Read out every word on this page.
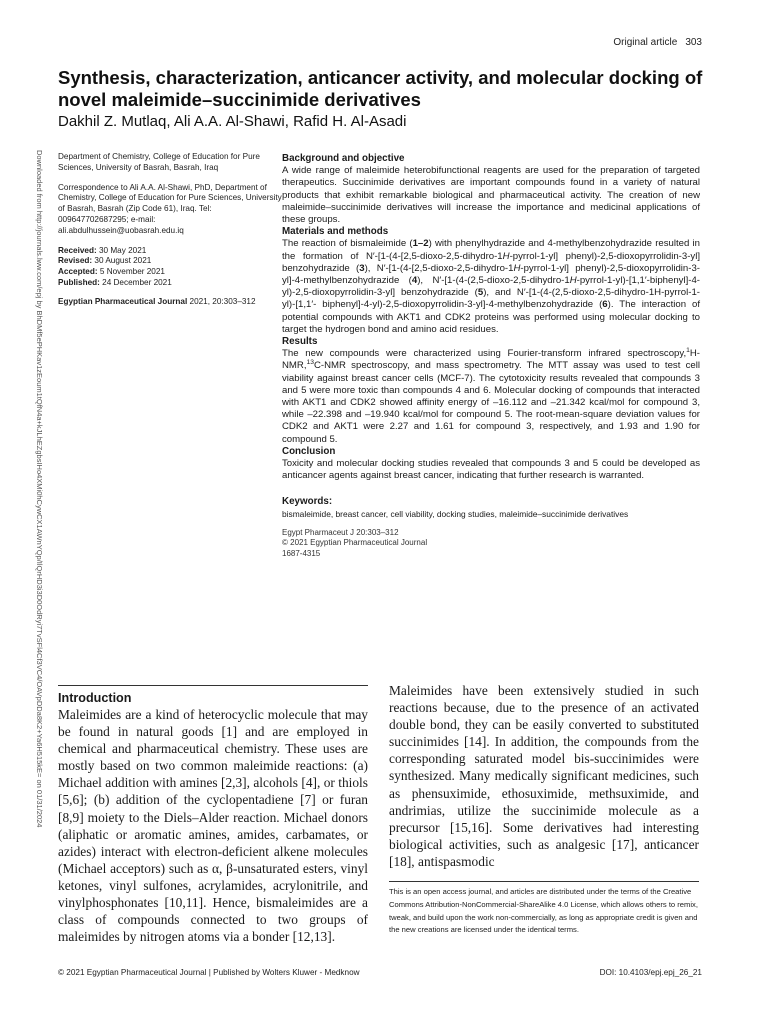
Original article 303
Synthesis, characterization, anticancer activity, and molecular docking of novel maleimide–succinimide derivatives
Dakhil Z. Mutlaq, Ali A.A. Al-Shawi, Rafid H. Al-Asadi
Downloaded from http://journals.lww.com/epj by BhDMf5ePHKav1zEoum1tQfN4a+kJLhEZgbsIHo4XMi0hCywCX1AWnYQp/IlQrHD3i3D0OdRyi7TvSFl4Cf3VC4/OAVpDDa8K2+Ya6H515kE= on 01/31/2024 Department of Chemistry, College of Education for Pure Sciences, University of Basrah, Basrah, Iraq

Correspondence to Ali A.A. Al-Shawi, PhD, Department of Chemistry, College of Education for Pure Sciences, University of Basrah, Basrah (Zip Code 61), Iraq. Tel: 009647702687295; e-mail: ali.abdulhussein@uobasrah.edu.iq

Received: 30 May 2021
Revised: 30 August 2021
Accepted: 5 November 2021
Published: 24 December 2021

Egyptian Pharmaceutical Journal 2021, 20:303–312

Background and objective

A wide range of maleimide heterobifunctional reagents are used for the preparation of targeted therapeutics. Succinimide derivatives are important compounds found in a variety of natural products that exhibit remarkable biological and pharmaceutical activity. The creation of new maleimide–succinimide derivatives will increase the importance and medicinal applications of these groups.

Materials and methods

The reaction of bismaleimide (1–2) with phenylhydrazide and 4-methylbenzohydrazide resulted in the formation of N′-[1-(4-[2,5-dioxo-2,5-dihydro-1H-pyrrol-1-yl] phenyl)-2,5-dioxopyrrolidin-3-yl] benzohydrazide (3), N′-[1-(4-[2,5-dioxo-2,5-dihydro-1H-pyrrol-1-yl] phenyl)-2,5-dioxopyrrolidin-3-yl]-4-methylbenzohydrazide (4), N′-[1-(4-(2,5-dioxo-2,5-dihydro-1H-pyrrol-1-yl)-[1,1′-biphenyl]-4-yl)-2,5-dioxopyrrolidin-3-yl] benzohydrazide (5), and N′-[1-(4-(2,5-dioxo-2,5-dihydro-1H-pyrrol-1-yl)-[1,1′- biphenyl]-4-yl)-2,5-dioxopyrrolidin-3-yl]-4-methylbenzohydrazide (6). The interaction of potential compounds with AKT1 and CDK2 proteins was performed using molecular docking to target the hydrogen bond and amino acid residues.

Results

The new compounds were characterized using Fourier-transform infrared spectroscopy,$^1$H-NMR,$^{13}$C-NMR spectroscopy, and mass spectrometry. The MTT assay was used to test cell viability against breast cancer cells (MCF-7). The cytotoxicity results revealed that compounds 3 and 5 were more toxic than compounds 4 and 6. Molecular docking of compounds that interacted with AKT1 and CDK2 showed affinity energy of –16.112 and –21.342 kcal/mol for compound 3, while –22.398 and –19.940 kcal/mol for compound 5. The root-mean-square deviation values for CDK2 and AKT1 were 2.27 and 1.61 for compound 3, respectively, and 1.93 and 1.90 for compound 5.

Conclusion

Toxicity and molecular docking studies revealed that compounds 3 and 5 could be developed as anticancer agents against breast cancer, indicating that further research is warranted.

Keywords:

bismaleimide, breast cancer, cell viability, docking studies, maleimide–succinimide derivatives

Egypt Pharmaceut J 20:303–312
© 2021 Egyptian Pharmaceutical Journal
1687-4315
Introduction

Maleimides are a kind of heterocyclic molecule that may be found in natural goods [1] and are employed in chemical and pharmaceutical chemistry. These uses are mostly based on two common maleimide reactions: (a) Michael addition with amines [2,3], alcohols [4], or thiols [5,6]; (b) addition of the cyclopentadiene [7] or furan [8,9] moiety to the Diels–Alder reaction. Michael donors (aliphatic or aromatic amines, amides, carbamates, or azides) interact with electron-deficient alkene molecules (Michael acceptors) such as α, β-unsaturated esters, vinyl ketones, vinyl sulfones, acrylamides, acrylonitrile, and vinylphosphonates [10,11]. Hence, bismaleimides are a class of compounds connected to two groups of maleimides by nitrogen atoms via a bonder [12,13].

Maleimides have been extensively studied in such reactions because, due to the presence of an activated double bond, they can be easily converted to substituted succinimides [14]. In addition, the compounds from the corresponding saturated model bis-succinimides were synthesized. Many medically significant medicines, such as phensuximide, ethosuximide, methsuximide, and andrimias, utilize the succinimide molecule as a precursor [15,16]. Some derivatives had interesting biological activities, such as analgesic [17], anticancer [18], antispasmodic

This is an open access journal, and articles are distributed under the terms of the Creative Commons Attribution-NonCommercial-ShareAlike 4.0 License, which allows others to remix, tweak, and build upon the work non-commercially, as long as appropriate credit is given and the new creations are licensed under the identical terms.
© 2021 Egyptian Pharmaceutical Journal | Published by Wolters Kluwer - Medknow	DOI: 10.4103/epj.epj_26_21
